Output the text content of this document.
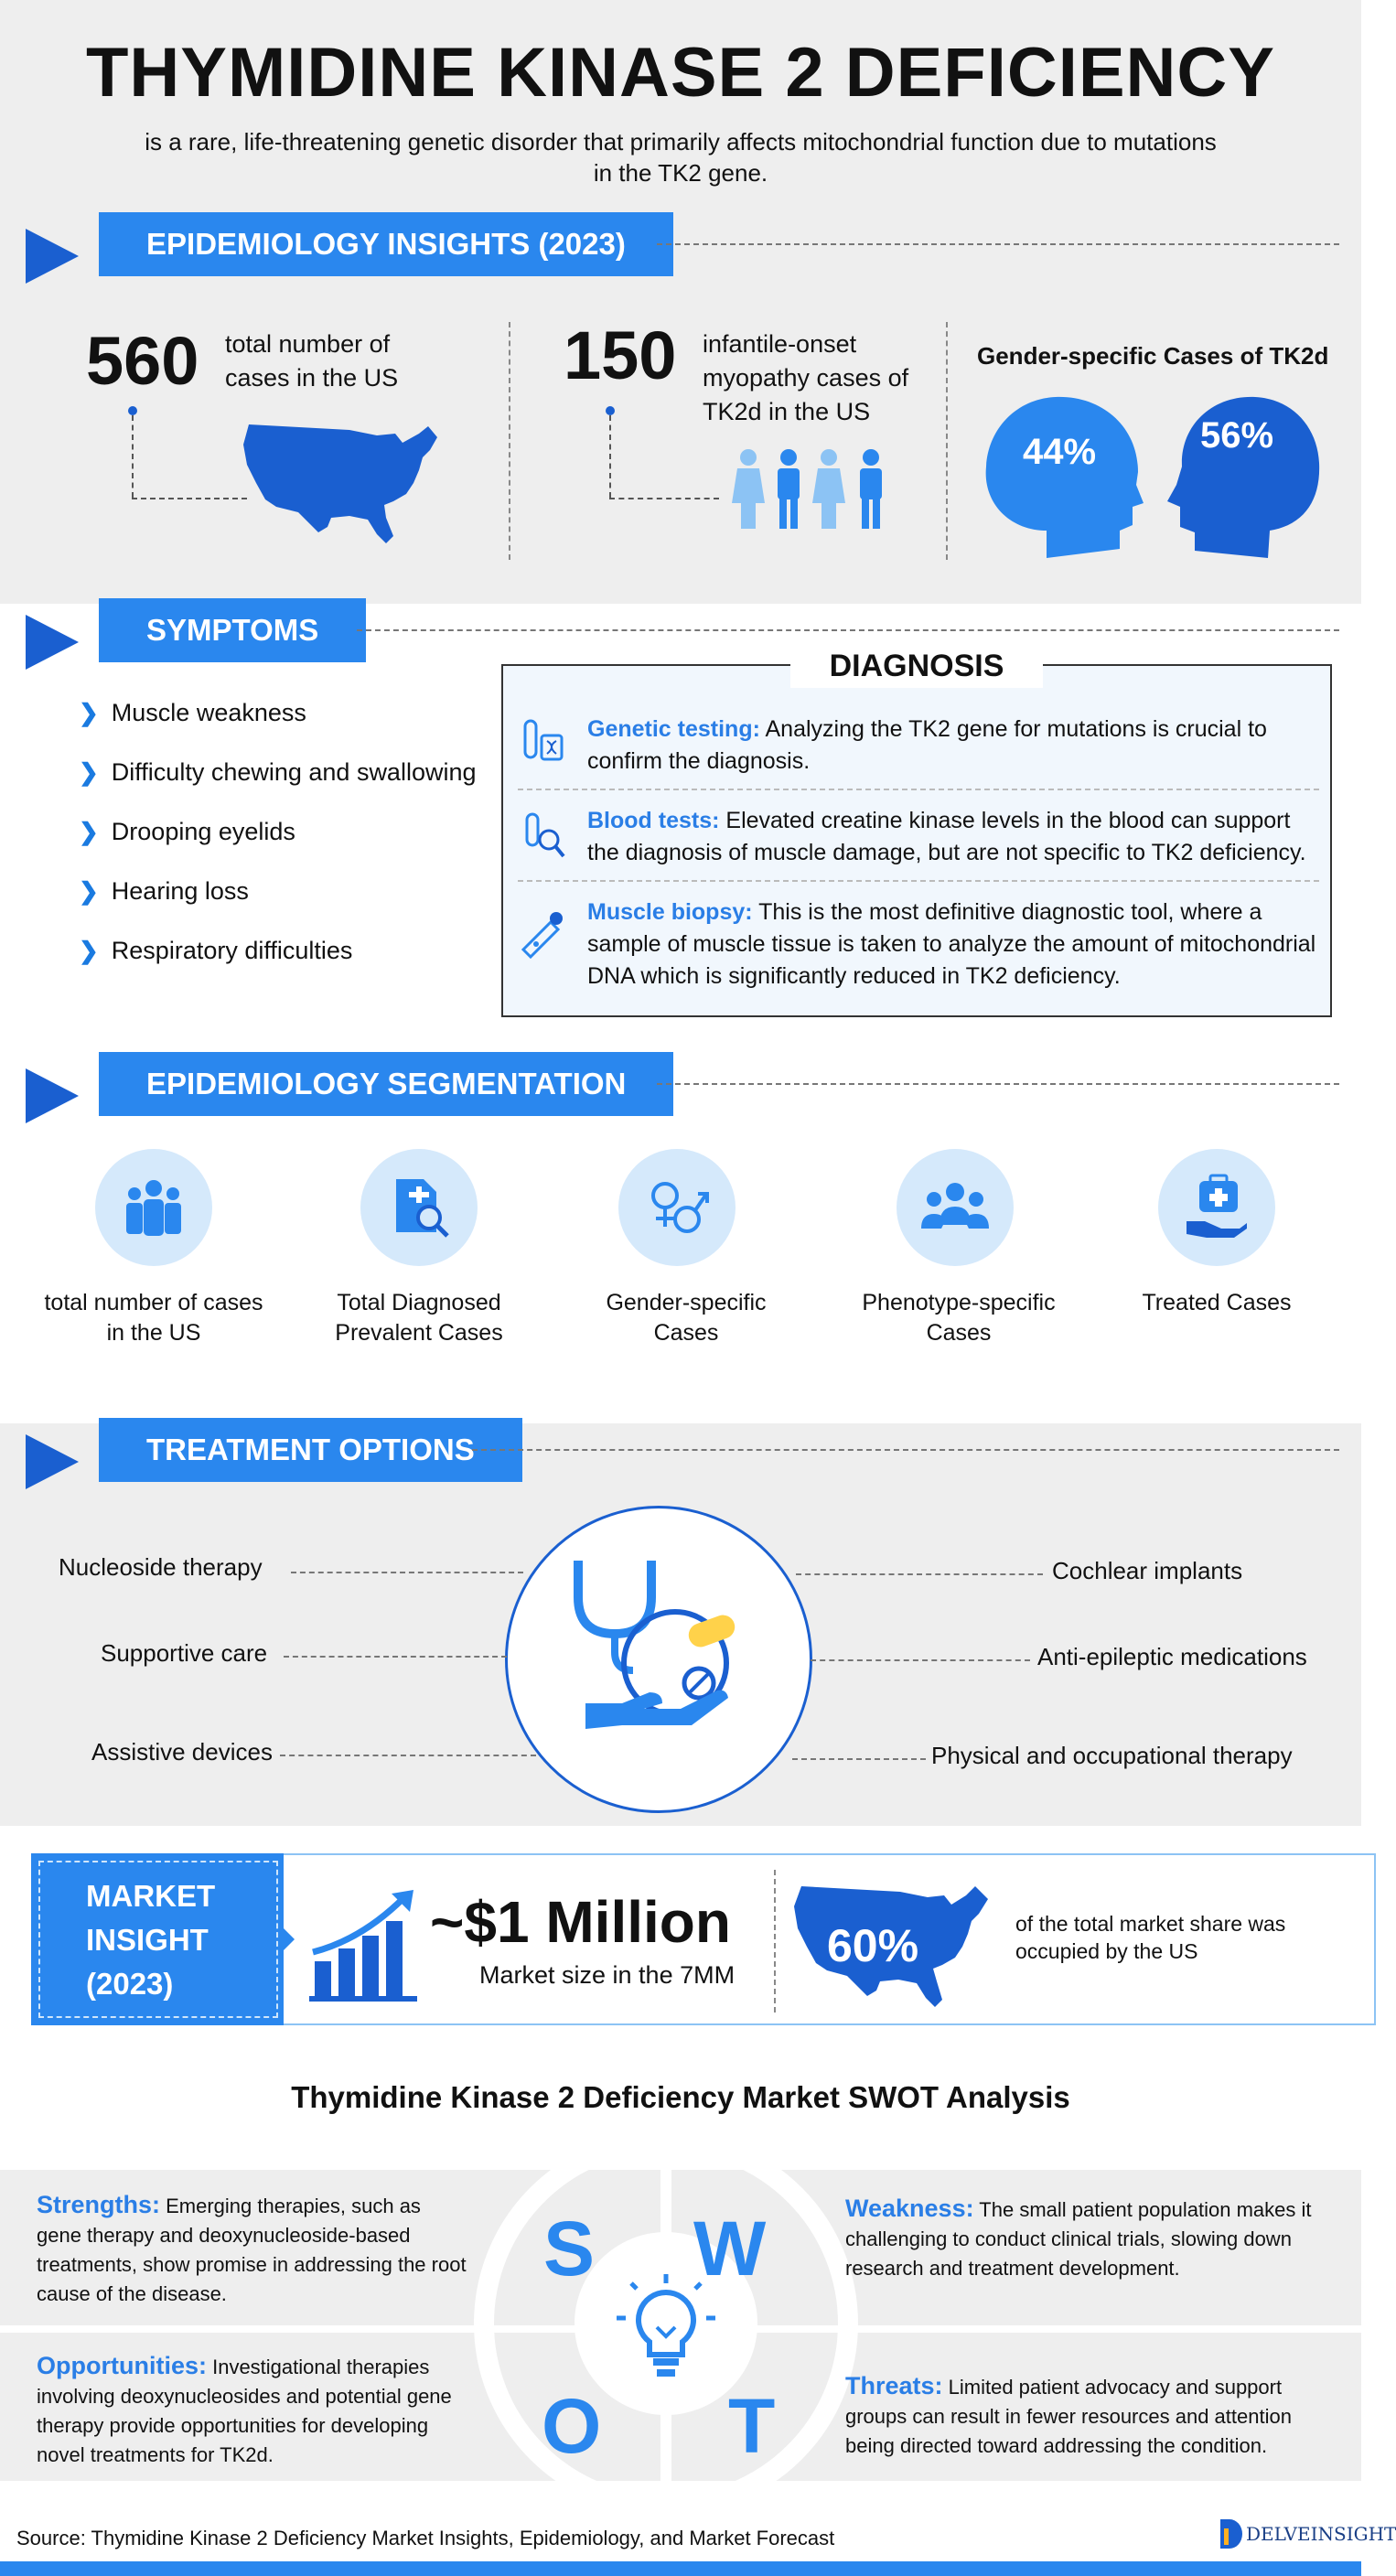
THYMIDINE KINASE 2 DEFICIENCY
is a rare, life-threatening genetic disorder that primarily affects mitochondrial function due to mutations in the TK2 gene.
EPIDEMIOLOGY INSIGHTS (2023)
560 total number of cases in the US	150 infantile-onset myopathy cases of TK2d in the US
Gender-specific Cases of TK2d
44%	56%
SYMPTOMS
❯ Muscle weakness
❯ Difficulty chewing and swallowing
❯ Drooping eyelids
❯ Hearing loss
❯ Respiratory difficulties
Genetic testing: Analyzing the TK2 gene for mutations is crucial to confirm the diagnosis.
Blood tests: Elevated creatine kinase levels in the blood can support the diagnosis of muscle damage, but are not specific to TK2 deficiency.
Muscle biopsy: This is the most definitive diagnostic tool, where a sample of muscle tissue is taken to analyze the amount of mitochondrial DNA which is significantly reduced in TK2 deficiency.
DIAGNOSIS
EPIDEMIOLOGY SEGMENTATION
total number of cases in the US
Total Diagnosed Prevalent Cases
Gender-specific Cases
Phenotype-specific Cases
Treated Cases
TREATMENT OPTIONS
Nucleoside therapy
Supportive care
Assistive devices
Cochlear implants
Anti-epileptic medications
Physical and occupational therapy
MARKET
INSIGHT
(2023)
~$1 Million
Market size in the 7MM
60%	of the total market share was occupied by the US
Thymidine Kinase 2 Deficiency Market SWOT Analysis
S W
O T
Strengths: Emerging therapies, such as gene therapy and deoxynucleoside-based treatments, show promise in addressing the root cause of the disease.
Weakness: The small patient population makes it challenging to conduct clinical trials, slowing down research and treatment development.
Opportunities: Investigational therapies involving deoxynucleosides and potential gene therapy provide opportunities for developing novel treatments for TK2d.
Threats: Limited patient advocacy and support groups can result in fewer resources and attention being directed toward addressing the condition.
Source: Thymidine Kinase 2 Deficiency Market Insights, Epidemiology, and Market Forecast	DELVEINSIGHT
